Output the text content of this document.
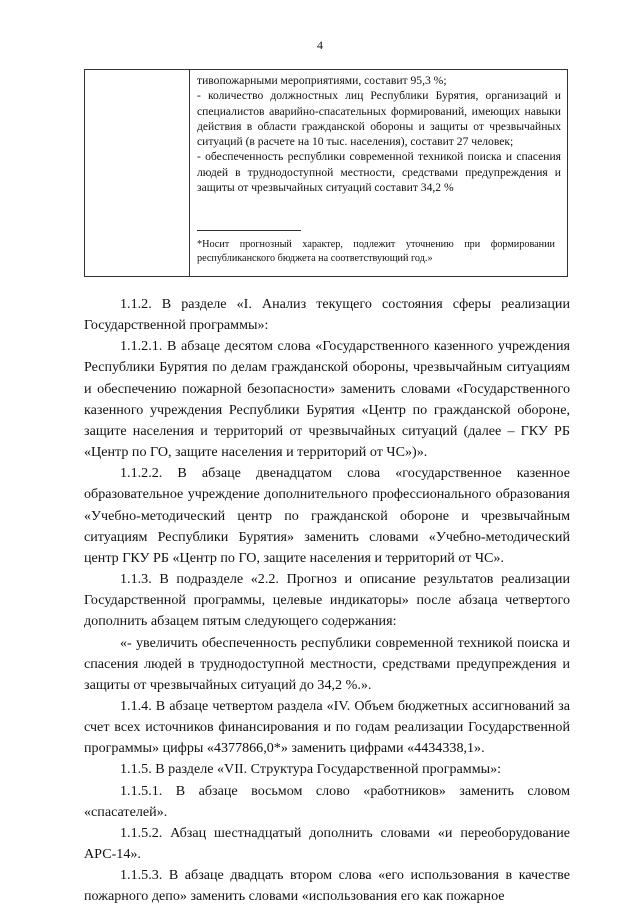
4
тивопожарными мероприятиями, составит 95,3 %;
- количество должностных лиц Республики Бурятия, организаций и специалистов аварийно-спасательных формирований, имеющих навыки действия в области гражданской обороны и защиты от чрезвычайных ситуаций (в расчете на 10 тыс. населения), составит 27 человек;
- обеспеченность республики современной техникой поиска и спасения людей в труднодоступной местности, средствами предупреждения и защиты от чрезвычайных ситуаций составит 34,2 %
*Носит прогнозный характер, подлежит уточнению при формировании республиканского бюджета на соответствующий год.»

1.1.2. В разделе «I. Анализ текущего состояния сферы реализации Государственной программы»:

1.1.2.1. В абзаце десятом слова «Государственного казенного учреждения Республики Бурятия по делам гражданской обороны, чрезвычайным ситуациям и обеспечению пожарной безопасности» заменить словами «Государственного казенного учреждения Республики Бурятия «Центр по гражданской обороне, защите населения и территорий от чрезвычайных ситуаций (далее – ГКУ РБ «Центр по ГО, защите населения и территорий от ЧС»)».

1.1.2.2. В абзаце двенадцатом слова «государственное казенное образовательное учреждение дополнительного профессионального образования «Учебно-методический центр по гражданской обороне и чрезвычайным ситуациям Республики Бурятия» заменить словами «Учебно-методический центр ГКУ РБ «Центр по ГО, защите населения и территорий от ЧС».

1.1.3. В подразделе «2.2. Прогноз и описание результатов реализации Государственной программы, целевые индикаторы» после абзаца четвертого дополнить абзацем пятым следующего содержания:

«- увеличить обеспеченность республики современной техникой поиска и спасения людей в труднодоступной местности, средствами предупреждения и защиты от чрезвычайных ситуаций до 34,2 %.».

1.1.4. В абзаце четвертом раздела «IV. Объем бюджетных ассигнований за счет всех источников финансирования и по годам реализации Государственной программы» цифры «4377866,0*» заменить цифрами «4434338,1».

1.1.5. В разделе «VII. Структура Государственной программы»:

1.1.5.1. В абзаце восьмом слово «работников» заменить словом «спасателей».

1.1.5.2. Абзац шестнадцатый дополнить словами «и переоборудование АРС-14».

1.1.5.3. В абзаце двадцать втором слова «его использования в качестве пожарного депо» заменить словами «использования его как пожарное
